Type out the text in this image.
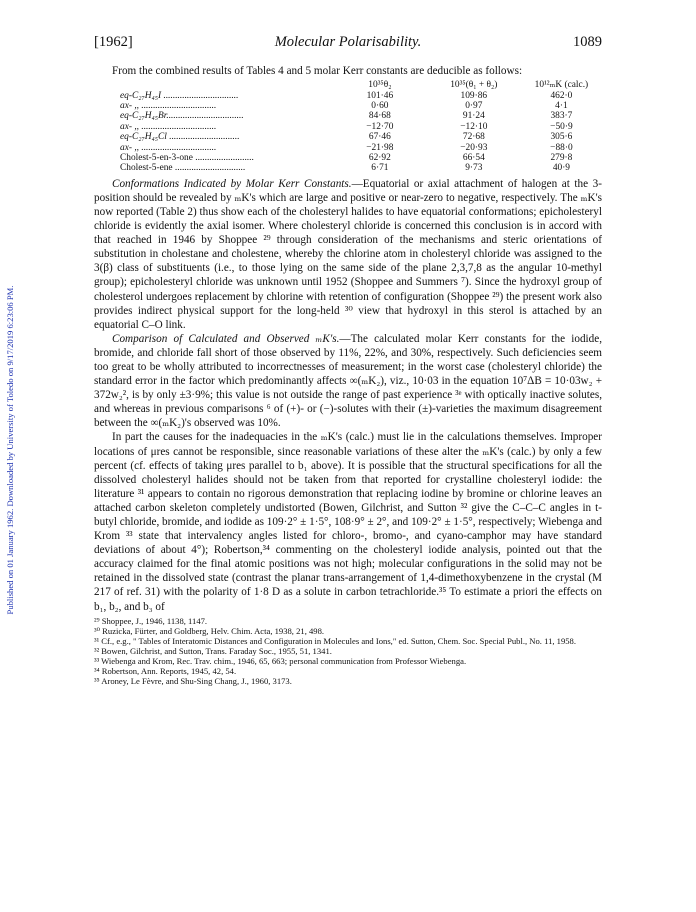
Published on 01 January 1962. Downloaded by University of Toledo on 9/17/2019 6:23:06 PM.
[1962]	Molecular Polarisability.	1089

From the combined results of Tables 4 and 5 molar Kerr constants are deducible as follows:

	10³⁵θ₂	10³⁵(θ₁ + θ₂)	10¹²ₘK (calc.)
eq-C₂₇H₄₅I ................................	101·46	109·86	462·0
ax- ,, ................................	0·60	0·97	4·1
eq-C₂₇H₄₅Br.................................	84·68	91·24	383·7
ax- ,, ................................	−12·70	−12·10	−50·9
eq-C₂₇H₄₅Cl ..............................	67·46	72·68	305·6
ax- ,, ................................	−21·98	−20·93	−88·0
Cholest-5-en-3-one .........................	62·92	66·54	279·8
Cholest-5-ene ..............................	6·71	9·73	40·9

Conformations Indicated by Molar Kerr Constants.—Equatorial or axial attachment of halogen at the 3-position should be revealed by ₘK's which are large and positive or near-zero to negative, respectively. The ₘK's now reported (Table 2) thus show each of the cholesteryl halides to have equatorial conformations; epicholesteryl chloride is evidently the axial isomer. Where cholesteryl chloride is concerned this conclusion is in accord with that reached in 1946 by Shoppee ²⁹ through consideration of the mechanisms and steric orientations of substitution in cholestane and cholestene, whereby the chlorine atom in cholesteryl chloride was assigned to the 3(β) class of substituents (i.e., to those lying on the same side of the plane 2,3,7,8 as the angular 10-methyl group); epicholesteryl chloride was unknown until 1952 (Shoppee and Summers ⁷). Since the hydroxyl group of cholesterol undergoes replacement by chlorine with retention of configuration (Shoppee ²⁹) the present work also provides indirect physical support for the long-held ³⁰ view that hydroxyl in this sterol is attached by an equatorial C–O link.

Comparison of Calculated and Observed ₘK's.—The calculated molar Kerr constants for the iodide, bromide, and chloride fall short of those observed by 11%, 22%, and 30%, respectively. Such deficiencies seem too great to be wholly attributed to incorrectnesses of measurement; in the worst case (cholesteryl chloride) the standard error in the factor which predominantly affects ∞(ₘK₂), viz., 10·03 in the equation 10⁷ΔB = 10·03w₂ + 372w₂², is by only ±3·9%; this value is not outside the range of past experience ³ᵉ with optically inactive solutes, and whereas in previous comparisons ⁶ of (+)- or (−)-solutes with their (±)-varieties the maximum disagreement between the ∞(ₘK₂)'s observed was 10%.

In part the causes for the inadequacies in the ₘK's (calc.) must lie in the calculations themselves. Improper locations of μres cannot be responsible, since reasonable variations of these alter the ₘK's (calc.) by only a few percent (cf. effects of taking μres parallel to b₁ above). It is possible that the structural specifications for all the dissolved cholesteryl halides should not be taken from that reported for crystalline cholesteryl iodide: the literature ³¹ appears to contain no rigorous demonstration that replacing iodine by bromine or chlorine leaves an attached carbon skeleton completely undistorted (Bowen, Gilchrist, and Sutton ³² give the C–C–C angles in t-butyl chloride, bromide, and iodide as 109·2° ± 1·5°, 108·9° ± 2°, and 109·2° ± 1·5°, respectively; Wiebenga and Krom ³³ state that intervalency angles listed for chloro-, bromo-, and cyano-camphor may have standard deviations of about 4°); Robertson,³⁴ commenting on the cholesteryl iodide analysis, pointed out that the accuracy claimed for the final atomic positions was not high; molecular configurations in the solid may not be retained in the dissolved state (contrast the planar trans-arrangement of 1,4-dimethoxybenzene in the crystal (M 217 of ref. 31) with the polarity of 1·8 D as a solute in carbon tetrachloride.³⁵ To estimate a priori the effects on b₁, b₂, and b₃ of

²⁹ Shoppee, J., 1946, 1138, 1147.
³⁰ Ruzicka, Fürter, and Goldberg, Helv. Chim. Acta, 1938, 21, 498.
³¹ Cf., e.g., " Tables of Interatomic Distances and Configuration in Molecules and Ions," ed. Sutton, Chem. Soc. Special Publ., No. 11, 1958.
³² Bowen, Gilchrist, and Sutton, Trans. Faraday Soc., 1955, 51, 1341.
³³ Wiebenga and Krom, Rec. Trav. chim., 1946, 65, 663; personal communication from Professor Wiebenga.
³⁴ Robertson, Ann. Reports, 1945, 42, 54.
³⁵ Aroney, Le Fèvre, and Shu-Sing Chang, J., 1960, 3173.
